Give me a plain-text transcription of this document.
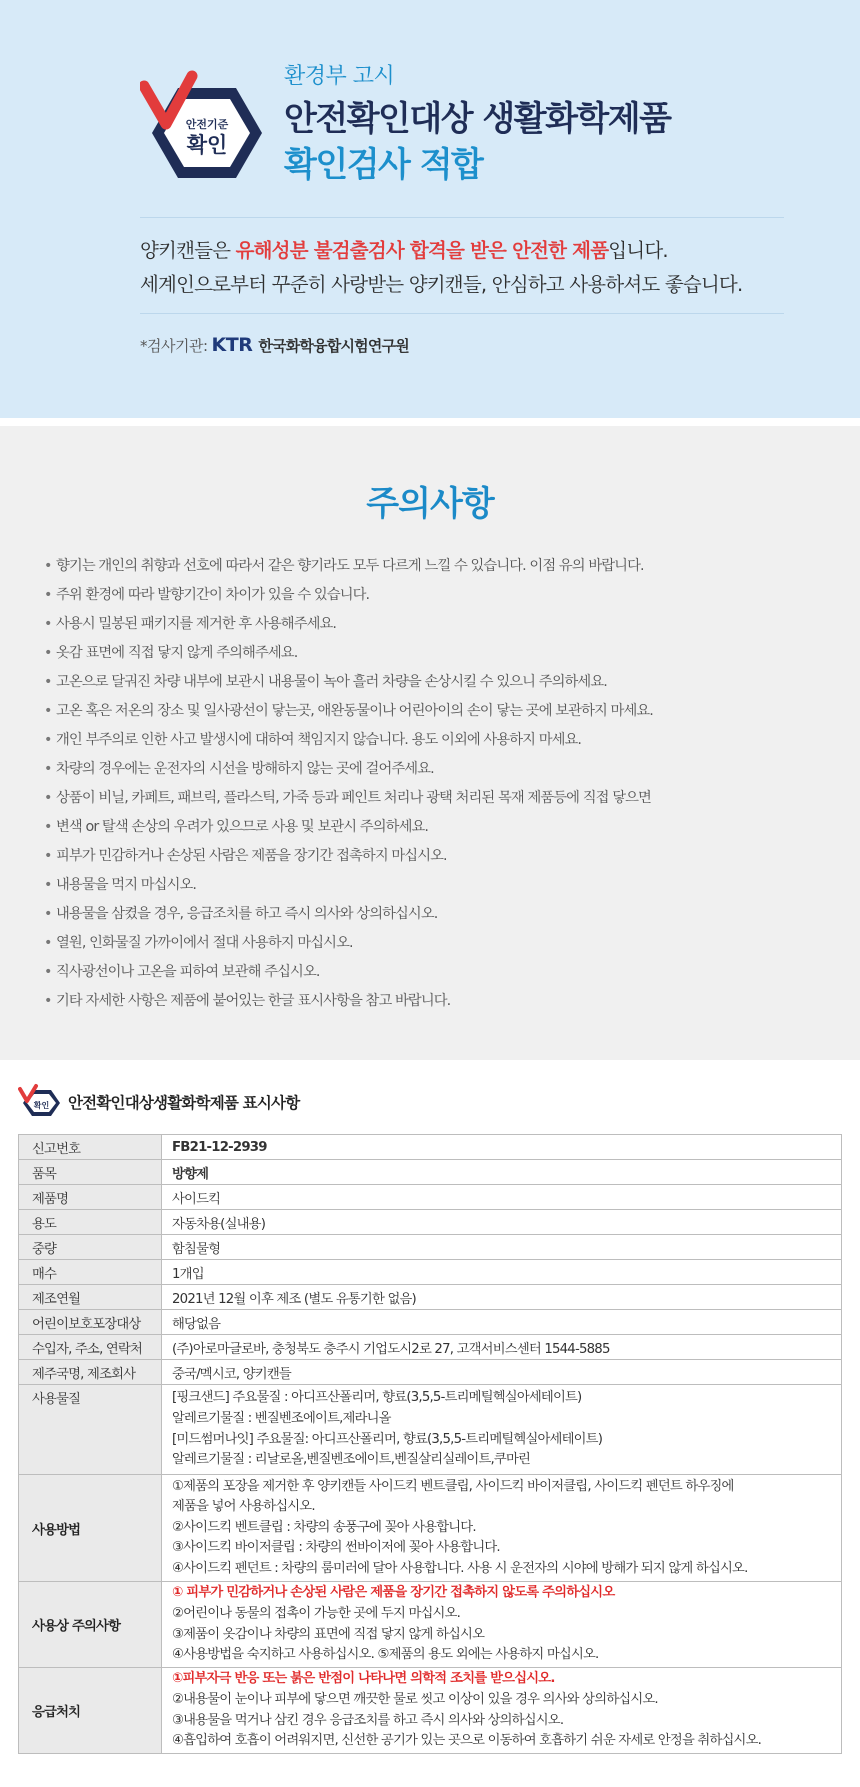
안전기준
확인
환경부 고시
안전확인대상 생활화학제품
확인검사 적합
양키캔들은 유해성분 불검출검사 합격을 받은 안전한 제품입니다.
세계인으로부터 꾸준히 사랑받는 양키캔들, 안심하고 사용하셔도 좋습니다.
*검사기관: KTR 한국화학융합시험연구원
주의사항
• 향기는 개인의 취향과 선호에 따라서 같은 향기라도 모두 다르게 느낄 수 있습니다. 이점 유의 바랍니다.
• 주위 환경에 따라 발향기간이 차이가 있을 수 있습니다.
• 사용시 밀봉된 패키지를 제거한 후 사용해주세요.
• 옷감 표면에 직접 닿지 않게 주의해주세요.
• 고온으로 달궈진 차량 내부에 보관시 내용물이 녹아 흘러 차량을 손상시킬 수 있으니 주의하세요.
• 고온 혹은 저온의 장소 및 일사광선이 닿는곳, 애완동물이나 어린아이의 손이 닿는 곳에 보관하지 마세요.
• 개인 부주의로 인한 사고 발생시에 대하여 책임지지 않습니다. 용도 이외에 사용하지 마세요.
• 차량의 경우에는 운전자의 시선을 방해하지 않는 곳에 걸어주세요.
• 상품이 비닐, 카페트, 패브릭, 플라스틱, 가죽 등과 페인트 처리나 광택 처리된 목재 제품등에 직접 닿으면
• 변색 or 탈색 손상의 우려가 있으므로 사용 및 보관시 주의하세요.
• 피부가 민감하거나 손상된 사람은 제품을 장기간 접촉하지 마십시오.
• 내용물을 먹지 마십시오.
• 내용물을 삼켰을 경우, 응급조치를 하고 즉시 의사와 상의하십시오.
• 열원, 인화물질 가까이에서 절대 사용하지 마십시오.
• 직사광선이나 고온을 피하여 보관해 주십시오.
• 기타 자세한 사항은 제품에 붙어있는 한글 표시사항을 참고 바랍니다.
확인 안전확인대상생활화학제품 표시사항
신고번호	FB21-12-2939
품목	방향제
제품명	사이드킥
용도	자동차용(실내용)
중량	함침물형
매수	1개입
제조연월	2021년 12월 이후 제조 (별도 유통기한 없음)
어린이보호포장대상	해당없음
수입자, 주소, 연락처	(주)아로마글로바, 충청북도 충주시 기업도시2로 27, 고객서비스센터 1544-5885
제주국명, 제조회사	중국/멕시코, 양키캔들
사용물질	[핑크샌드] 주요물질 : 아디프산폴리머, 향료(3,5,5-트리메틸헥실아세테이트)
알레르기물질 : 벤질벤조에이트,제라니올
[미드썸머나잇] 주요물질: 아디프산폴리머, 향료(3,5,5-트리메틸헥실아세테이트)
알레르기물질 : 리날로올,벤질벤조에이트,벤질살리실레이트,쿠마린

사용방법	①제품의 포장을 제거한 후 양키캔들 사이드킥 벤트클립, 사이드킥 바이저클립, 사이드킥 펜던트 하우징에
제품을 넣어 사용하십시오.
②사이드킥 벤트클립 : 차량의 송풍구에 꽂아 사용합니다.
③사이드킥 바이저클립 : 차량의 썬바이저에 꽂아 사용합니다.
④사이드킥 펜던트 : 차량의 룸미러에 달아 사용합니다. 사용 시 운전자의 시야에 방해가 되지 않게 하십시오.

사용상 주의사항	① 피부가 민감하거나 손상된 사람은 제품을 장기간 접촉하지 않도록 주의하십시오
②어린이나 동물의 접촉이 가능한 곳에 두지 마십시오.
③제품이 옷감이나 차량의 표면에 직접 닿지 않게 하십시오
④사용방법을 숙지하고 사용하십시오. ⑤제품의 용도 외에는 사용하지 마십시오.

응급처치	①피부자극 반응 또는 붉은 반점이 나타나면 의학적 조치를 받으십시오.
②내용물이 눈이나 피부에 닿으면 깨끗한 물로 씻고 이상이 있을 경우 의사와 상의하십시오.
③내용물을 먹거나 삼킨 경우 응급조치를 하고 즉시 의사와 상의하십시오.
④흡입하여 호흡이 어려워지면, 신선한 공기가 있는 곳으로 이동하여 호흡하기 쉬운 자세로 안정을 취하십시오.
